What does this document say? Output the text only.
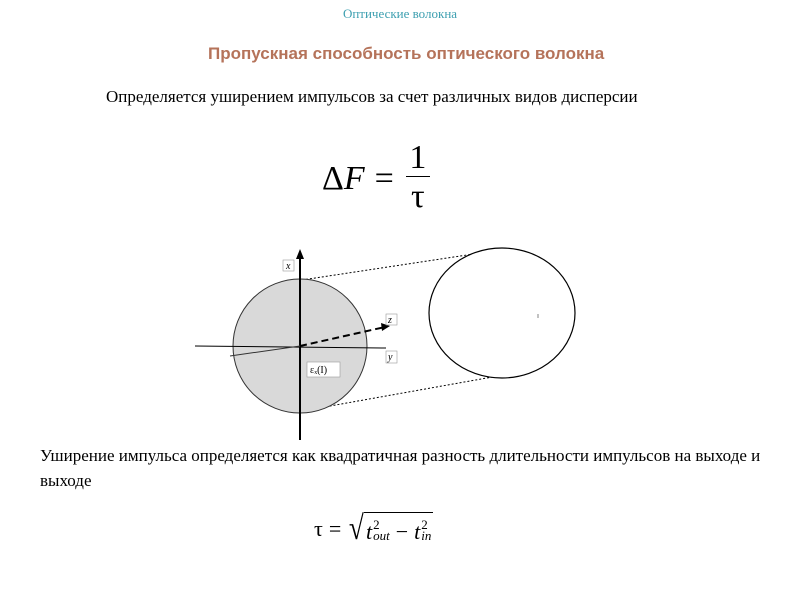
Оптические волокна
Пропускная способность оптического волокна
Определяется уширением импульсов за счет различных видов дисперсии
$\Delta F = \frac{1}{\tau}$
x
z
y
εₓ(I)
Уширение импульса определяется как квадратичная разность длительности импульсов на выходе и выходе
τ = √ t 2
out − t 2
in
